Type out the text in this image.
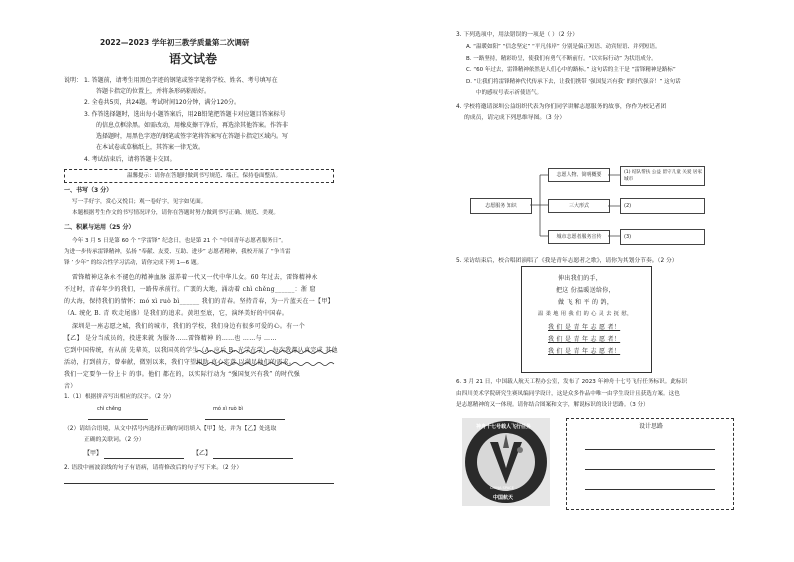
2022—2023 学年初三教学质量第二次调研
语文试卷
说明： 1. 答题前，请考生用黑色字迹的钢笔或签字笔将学校、姓名、考号填写在
答题卡指定的位置上，并将条形码粘贴好。
2. 全卷共5页，共24题。考试时间120分钟，满分120分。
3. 作答选择题时，选出每小题答案后，用2B铅笔把答题卡对应题目答案标号
的信息点框涂黑。如需改动，用橡皮擦干净后，再选涂其他答案。作答非
选择题时，用黑色字迹的钢笔或签字笔将答案写在答题卡指定区域内。写
在本试卷或草稿纸上，其答案一律无效。
4. 考试结束后，请将答题卡交回。
温馨提示：请你在答题时做到书写规范、端正，保持卷面整洁。
一、书写（3 分）
写一手好字，赏心又悦目；观一卷好字，见字如见面。
本题根据考生作文的书写情况评分，请你在答题时努力做到书写正确、规范、美观。
二、积累与运用（25 分）
今年 3 月 5 日是第 60 个 “学雷锋” 纪念日，也是第 21 个 “中国青年志愿者服务日”。
为进一步传承雷锋精神，弘扬 “奉献、友爱、互助、进步” 志愿者精神，我校开展了 “争当雷
锋 ’ 少年” 的综合性学习活动，请你完成下列 1—6 题。
雷锋精神这条永不褪色的精神血脉 滋养着一代又一代中华儿女。60 年过去，雷锋精神永
不过时，青春年少的我们，一路传承前行。广袤的大地，涌动着 chì chěng______：浙 窟
的大海，保持我们的情怀；mó xì ruò bì______ 我们的青春。坚持青春，为一片蓝天在一【甲】
（A. 统化 B. 青 吹走尾盛）是我们的追求。黄坦至底，它，演绎美好的中国春。
深圳是一座志愿之城，我们的城市，我们的学校，我们身边有很多可爱的心。有一个
【乙】 是分当成员的，投进来就 为服务……雷锋精神 的……也 ……与 ……
它到中国传统，有从前 先辈英，以我国英的学生（A. 应后 B. 光学在学），每次我都认真完成 其他
活动，打到前方，曾奉献，微别以来，我们守望相助 真心实意 以满足他们的需求。
我们一定要争一份上卡 的事。他们 都在的，以实际行动为 “强国复兴有我” 的时代强
音）
1.（1）根据拼音写出相应的汉字。（2 分）
chì chěng	mó xì ruò bì
（2）请结合语境，从文中括号内选择正确的词语填入【甲】处，并为【乙】处选取
正确的关联词。（2 分）
【甲】	【乙】
2. 语段中画波浪线的句子有语病，请将修改后的句子写下来。（2 分）
3. 下列选项中，用法错误的一项是（ ）（2 分）
A. “温暖如阳” “信念坚定” “平凡伟岸” 分别是偏正短语、动宾短语、并列短语。
B. 一路坚持，精彩纷呈，使我们有勇气不断前行。“以实际行动” 为状语成分。
C. “60 年过去，雷锋精神依然是人们心中的路标。” 这句话的主干是 “雷锋精神是路标”
D. “让我们将雷锋精神代代传承下去，让我们携带 ‘强国复兴有我’ 的时代强音！” 这句话
中的感叹号表示祈使语气。
4. 学校将邀请深圳公益组织代表为你们同学讲解志愿服务的故事，你作为校记者团
的成员，请完成下列思维导图。（3 分）
志愿服务 知识
志愿人物、简明概要
三大形式
城市志愿者服务宣传
(1) 结队帮扶 公益 留守儿童 关爱 居家 城市
(2)
(3)
5. 采访结束后，校合唱团演唱了《我是青年志愿者之歌》，请你为其划分节奏。（2 分）
伸出我们的手，
把这 份温暖送给你，
做 飞 和 平 的 鸽，
温 柔 地 用 我 们 的 心 灵 去 抚 慰，
我 们 是 青 年 志 愿 者！
我 们 是 青 年 志 愿 者！
我 们 是 青 年 志 愿 者！
6. 3 月 21 日，中国载人航天工程办公室，发布了 2023 年神舟十七号飞行任务标识。此标识
由四川美术学院研究生赛凤编同学设计，这是众多作品中唯一由学生设计且获选方案。这也
是志愿精神的又一体现。请你结合图案和文字，解说标识的设计思路。（3 分）
神舟十七号载人飞行任务
中国航天
CHINA SPACE
设计思路
